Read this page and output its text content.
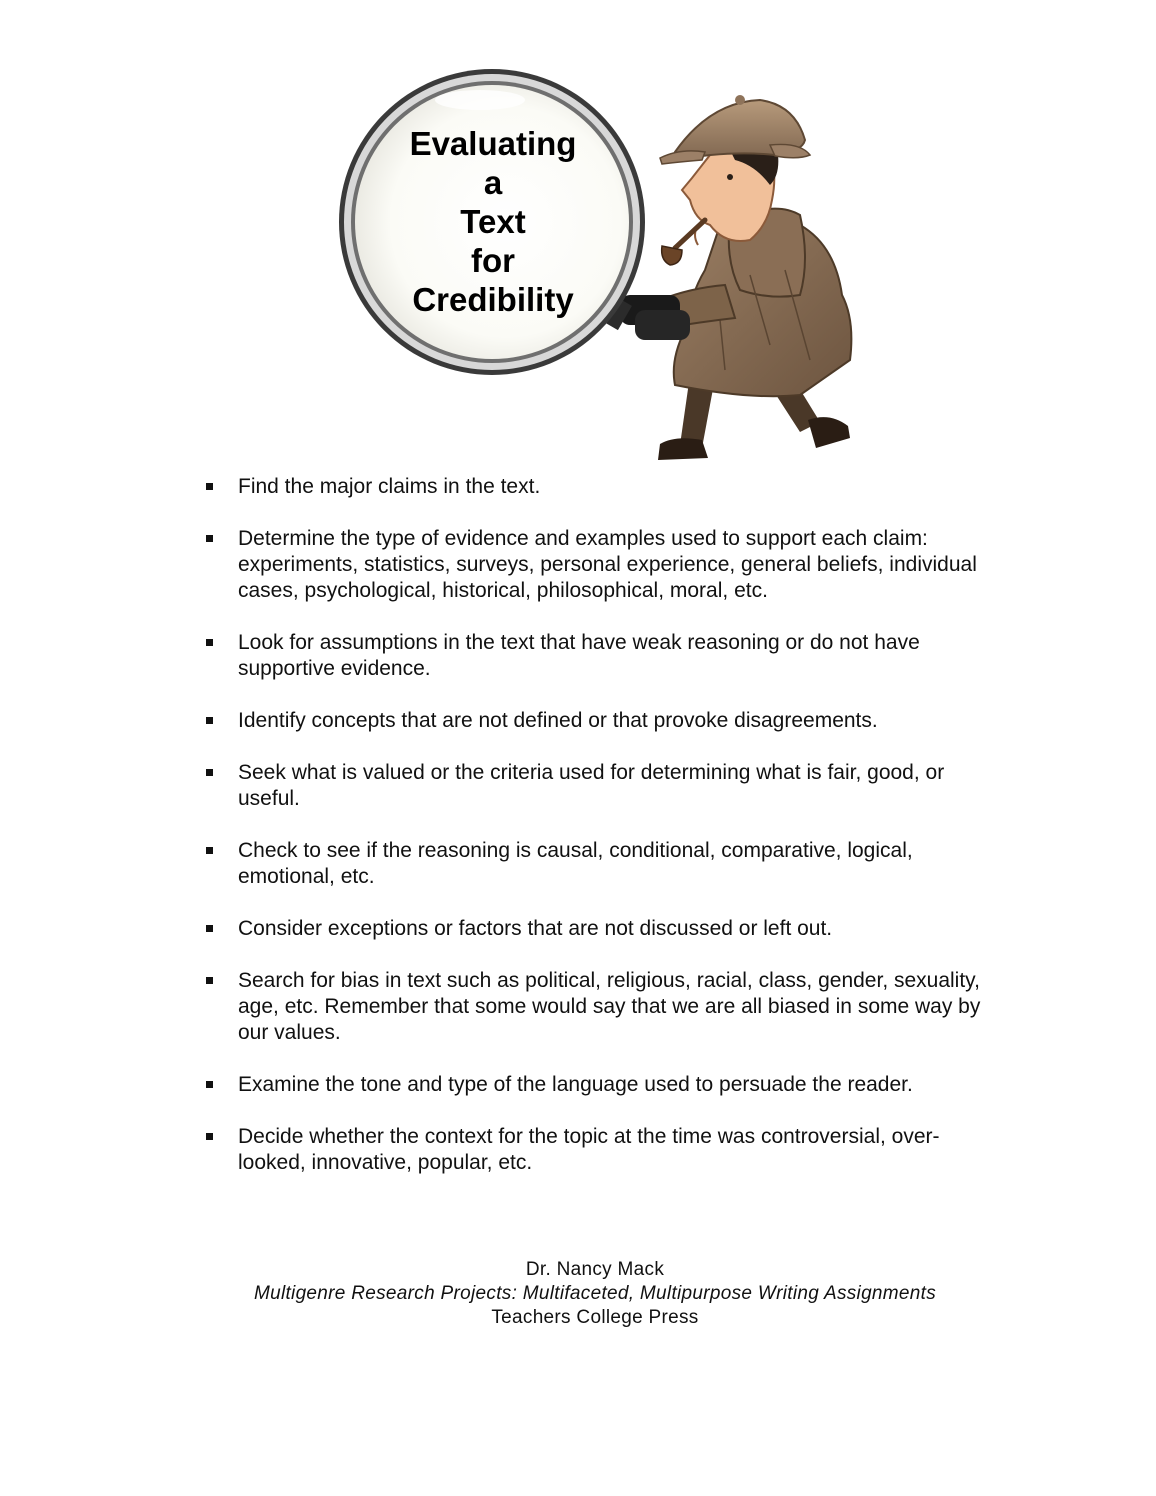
Evaluating
a
Text
for
Credibility
Find the major claims in the text.
Determine the type of evidence and examples used to support each claim: experiments, statistics, surveys, personal experience, general beliefs, individual cases, psychological, historical, philosophical, moral, etc.
Look for assumptions in the text that have weak reasoning or do not have supportive evidence.
Identify concepts that are not defined or that provoke disagreements.
Seek what is valued or the criteria used for determining what is fair, good, or useful.
Check to see if the reasoning is causal, conditional, comparative, logical, emotional, etc.
Consider exceptions or factors that are not discussed or left out.
Search for bias in text such as political, religious, racial, class, gender, sexuality, age, etc. Remember that some would say that we are all biased in some way by our values.
Examine the tone and type of the language used to persuade the reader.
Decide whether the context for the topic at the time was controversial, over-looked, innovative, popular, etc.
Dr. Nancy Mack
Multigenre Research Projects: Multifaceted, Multipurpose Writing Assignments
Teachers College Press
